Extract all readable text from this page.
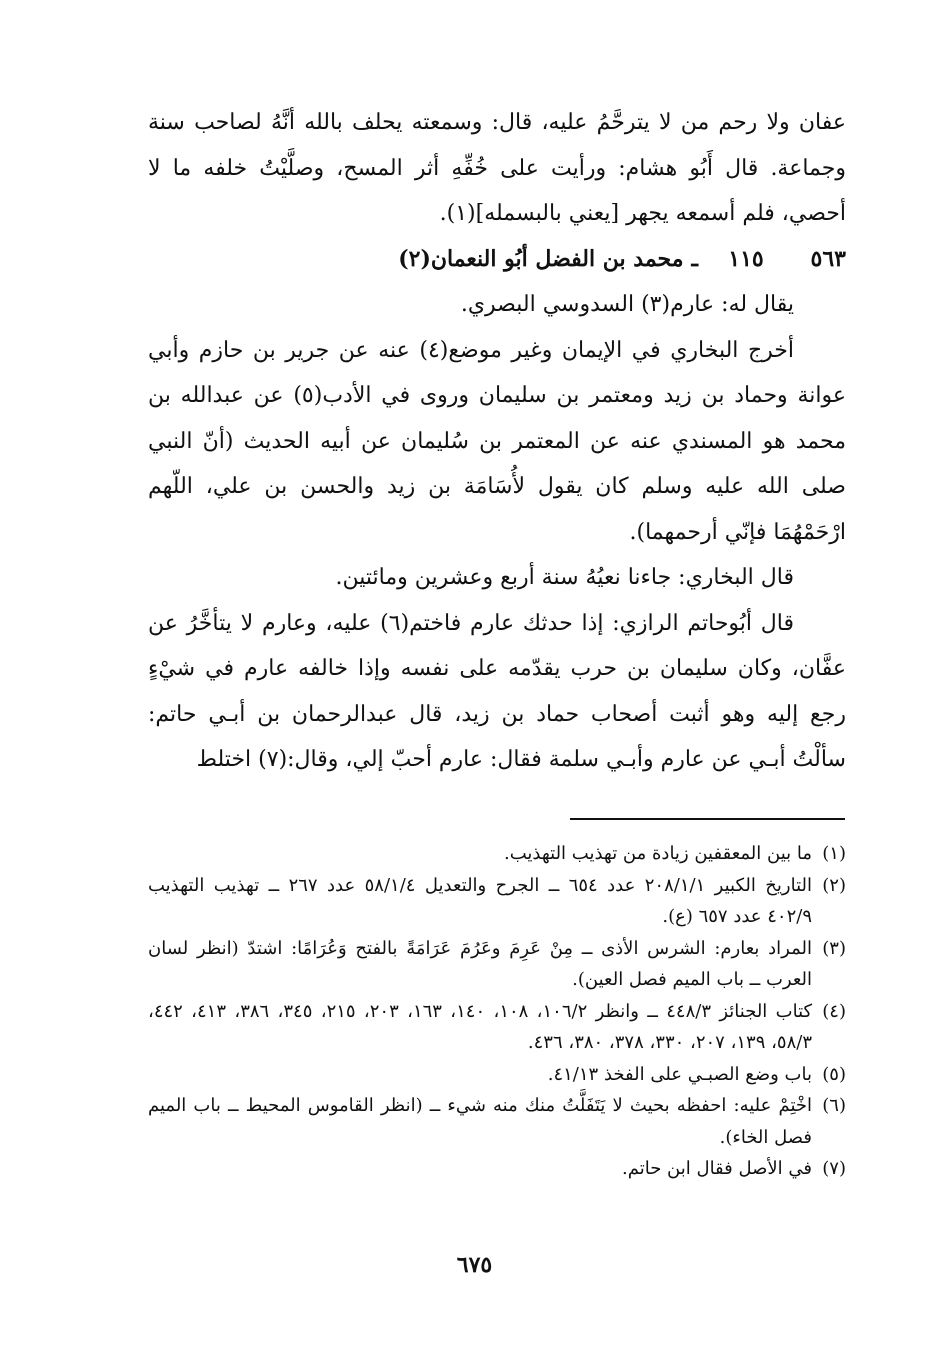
عفان ولا رحم من لا يترحَّمُ عليه، قال: وسمعته يحلف بالله أنَّهُ لصاحب سنة وجماعة. قال أَبُو هشام: ورأيت على خُفِّهِ أثر المسح، وصلَّيْتُ خلفه ما لا أحصي، فلم أسمعه يجهر [يعني بالبسمله](١).

٥٦٣
١١٥
ـ
محمد بن الفضل أبُو النعمان(٢)

يقال له: عارم(٣) السدوسي البصري.

أخرج البخاري في الإيمان وغير موضع(٤) عنه عن جرير بن حازم وأبي عوانة وحماد بن زيد ومعتمر بن سليمان وروى في الأدب(٥) عن عبدالله بن محمد هو المسندي عنه عن المعتمر بن سُليمان عن أبيه الحديث (أنّ النبي صلى الله عليه وسلم كان يقول لأُسَامَة بن زيد والحسن بن علي، اللّهم ارْحَمْهُمَا فإنّي أرحمهما).

قال البخاري: جاءنا نعيُهُ سنة أربع وعشرين ومائتين.

قال أبُوحاتم الرازي: إذا حدثك عارم فاختم(٦) عليه، وعارم لا يتأخَّرُ عن عفَّان، وكان سليمان بن حرب يقدّمه على نفسه وإذا خالفه عارم في شيْءٍ رجع إليه وهو أثبت أصحاب حماد بن زيد، قال عبدالرحمان بن أبـي حاتم: سألْتُ أبـي عن عارم وأبـي سلمة فقال: عارم أحبّ إلي، وقال:(٧) اختلط

(١)
ما بين المعقفين زيادة من تهذيب التهذيب.
(٢)
التاريخ الكبير ٢٠٨/١/١ عدد ٦٥٤ ــ الجرح والتعديل ٥٨/١/٤ عدد ٢٦٧ ــ تهذيب التهذيب ٤٠٢/٩ عدد ٦٥٧ (ع).
(٣)
المراد بعارم: الشرس الأذى ــ مِنْ عَرِمَ وعَرُمَ عَرَامَةً بالفتح وَعُرَامًا: اشتدّ (انظر لسان العرب ــ باب الميم فصل العين).
(٤)
كتاب الجنائز ٤٤٨/٣ ــ وانظر ١٠٦/٢، ١٠٨، ١٤٠، ١٦٣، ٢٠٣، ٢١٥، ٣٤٥، ٣٨٦، ٤١٣، ٤٤٢، ٥٨/٣، ١٣٩، ٢٠٧، ٣٣٠، ٣٧٨، ٣٨٠، ٤٣٦.
(٥)
باب وضع الصبـي على الفخذ ٤١/١٣.
(٦)
اخْتِمْ عليه: احفظه بحيث لا يَتَفَلَّتُ منك منه شيء ــ (انظر القاموس المحيط ــ باب الميم فصل الخاء).
(٧)
في الأصل فقال ابن حاتم.
٦٧٥
